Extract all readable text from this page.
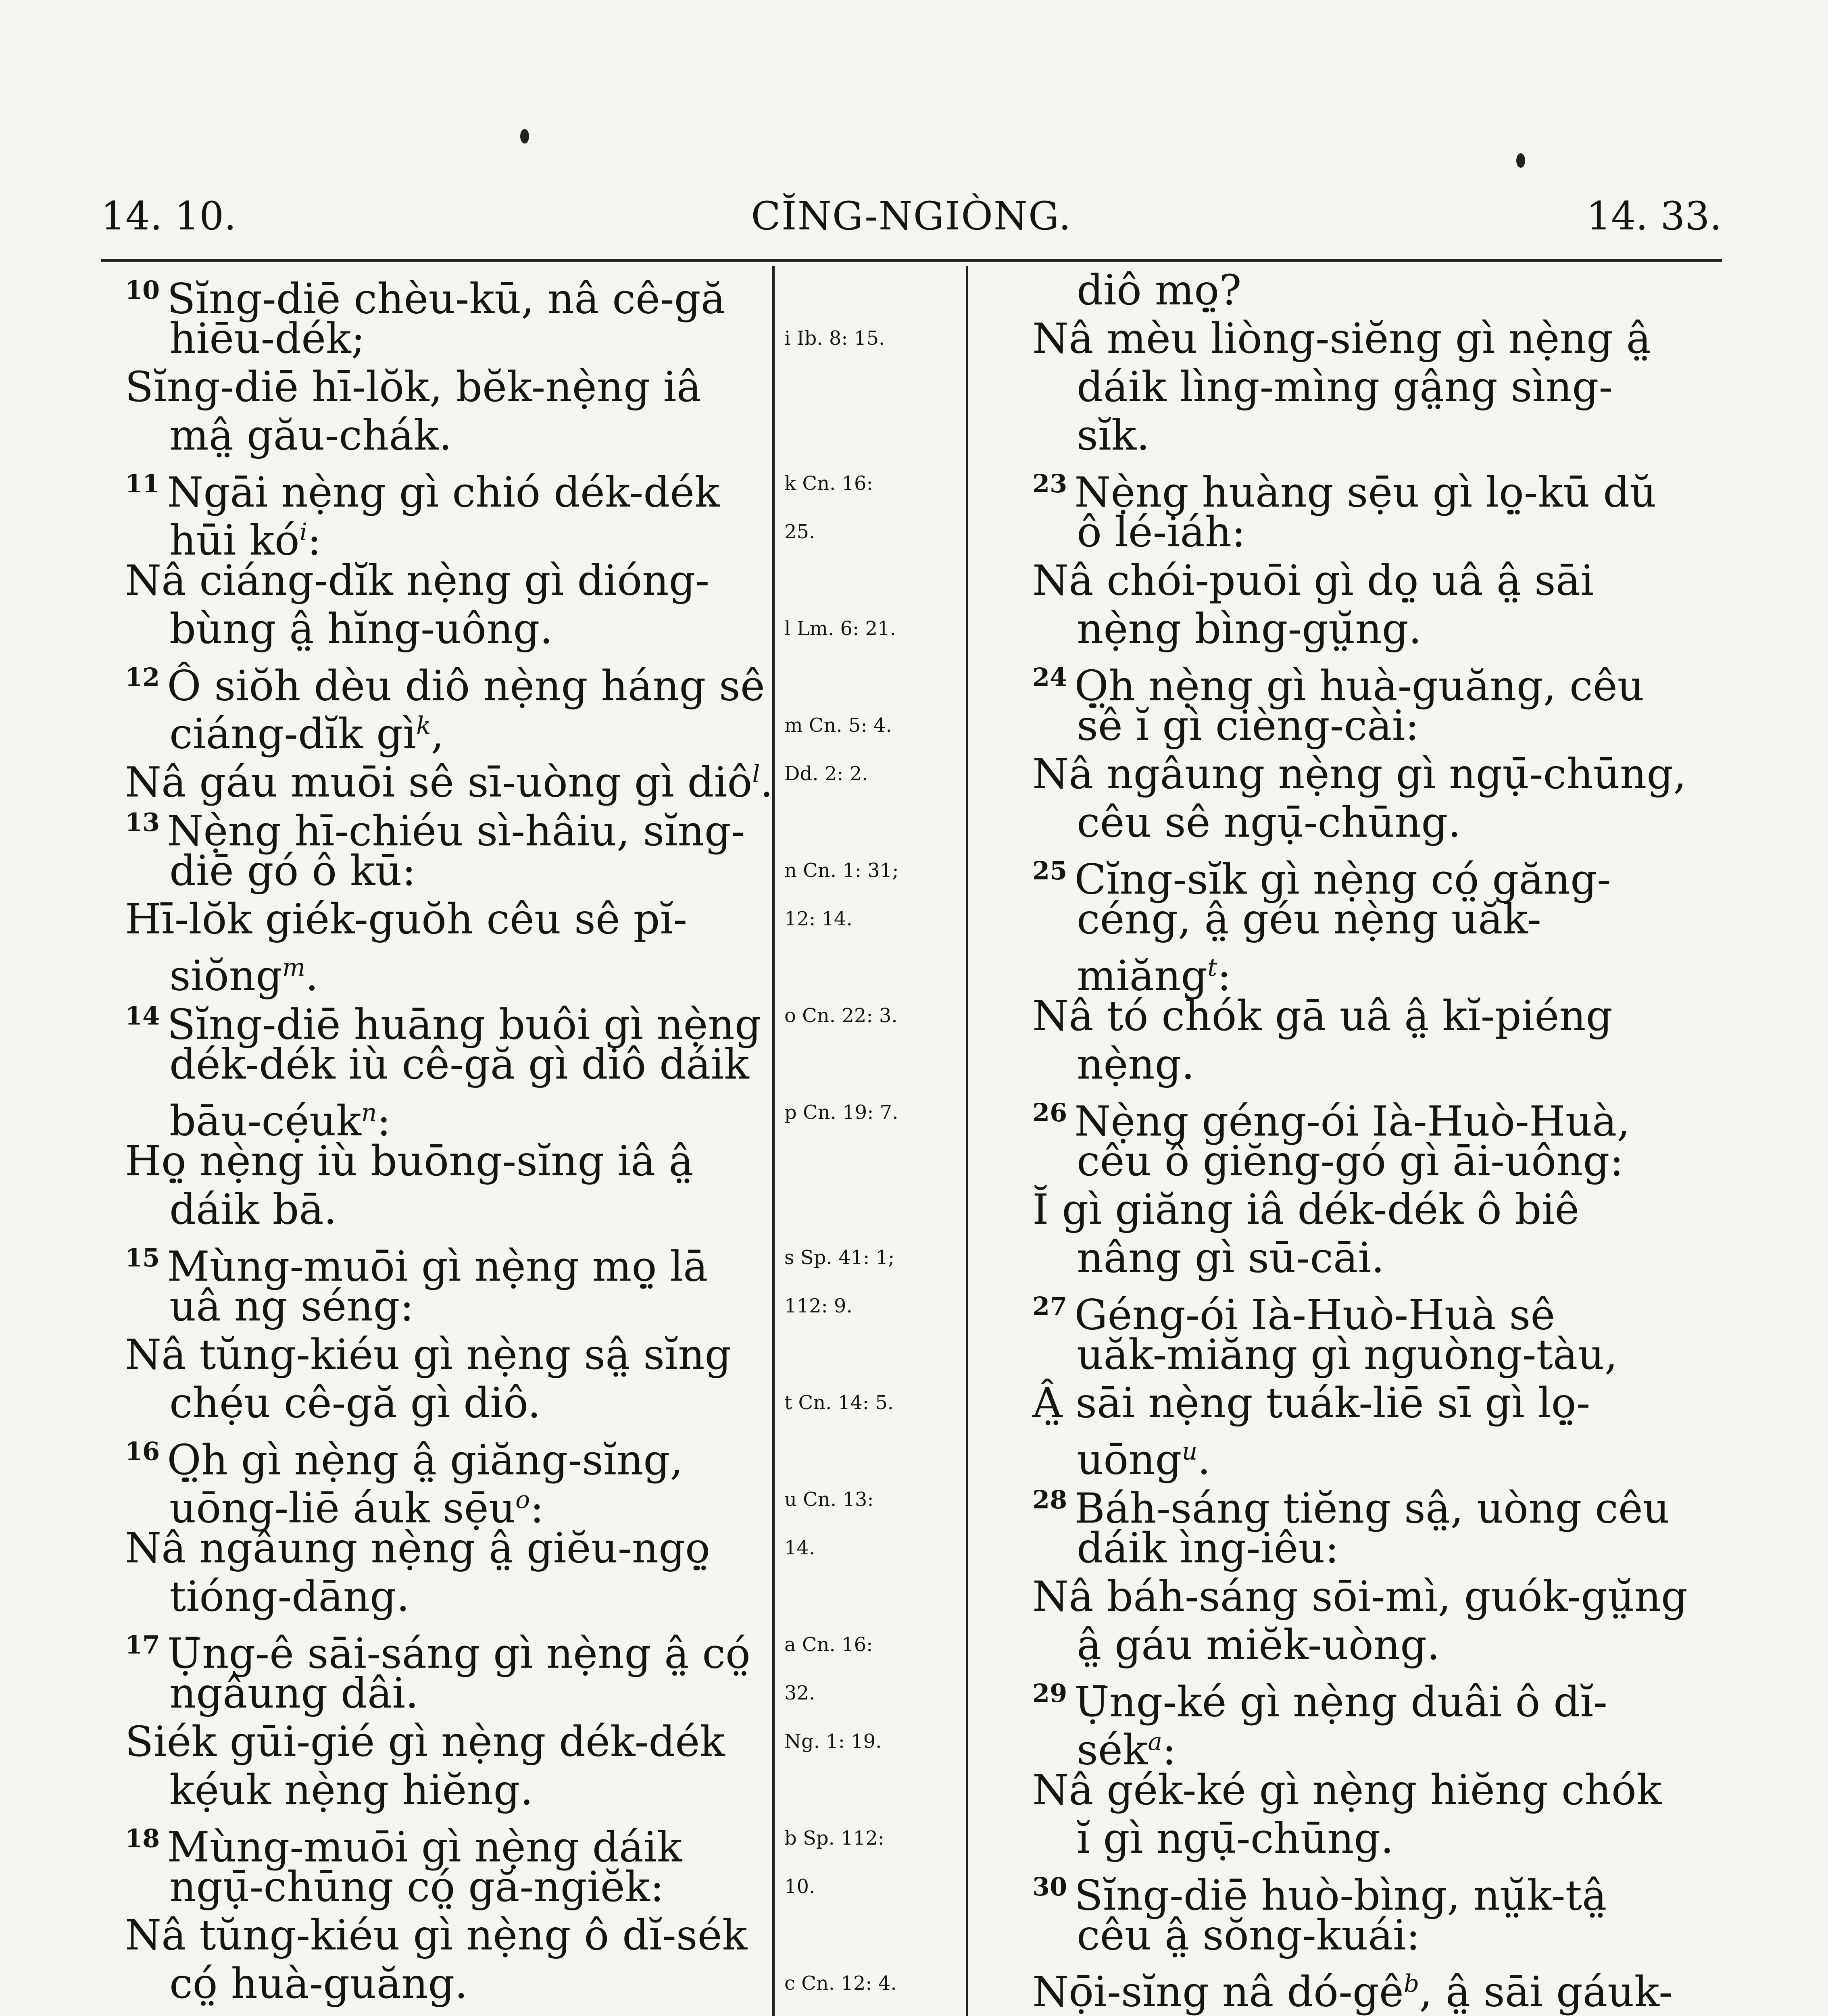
14. 10.	CĬNG-NGIÒNG.	14. 33.
$^{10}$ Sĭng-diē chèu-kū, nâ cê-gă
hiēu-dék;
Sĭng-diē hī-lŏk, bĕk-nẹ̀ng iâ
mâ̤ gău-chák.
$^{11}$ Ngāi nẹ̀ng gì chió dék-dék
hūi kó$^i$:
Nâ ciáng-dĭk nẹ̀ng gì dióng-
bùng â̤ hĭng-uông.
$^{12}$ Ô siŏh dèu diô nẹ̀ng háng sê
ciáng-dĭk gì$^k$,
Nâ gáu muōi sê sī-uòng gì diô$^l$.
$^{13}$ Nẹ̀ng hī-chiéu sì-hâiu, sĭng-
diē gó ô kū:
Hī-lŏk giék-guŏh cêu sê pĭ-
siŏng$^m$.
$^{14}$ Sĭng-diē huāng buôi gì nẹ̀ng
dék-dék iù cê-gă gì diô dáik
bāu-cẹ́uk$^n$:
Họ̤ nẹ̀ng iù buōng-sĭng iâ â̤
dáik bā.
$^{15}$ Mùng-muōi gì nẹ̀ng mọ̤ lā
uâ ng séng:
Nâ tŭng-kiéu gì nẹ̀ng sâ̤ sĭng
chẹ́u cê-gă gì diô.
$^{16}$ Ọ̤h gì nẹ̀ng â̤ giăng-sĭng,
uōng-liē áuk sẹ̄u$^o$:
Nâ ngâung nẹ̀ng â̤ giĕu-ngọ̤
tióng-dāng.
$^{17}$ Ụ̄ng-ê sāi-sáng gì nẹ̀ng â̤ có̤
ngâung dâi.
Siék gūi-gié gì nẹ̀ng dék-dék
kẹ́uk nẹ̀ng hiĕng.
$^{18}$ Mùng-muōi gì nẹ̀ng dáik
ngụ̄-chūng có̤ gă-ngiĕk:
Nâ tŭng-kiéu gì nẹ̀ng ô dĭ-sék
có̤ huà-guăng.
i Ib. 8: 15.
k Cn. 16:
25.
l Lm. 6: 21.
m Cn. 5: 4.
Dd. 2: 2.
n Cn. 1: 31;
12: 14.
o Cn. 22: 3.
p Cn. 19: 7.
s Sp. 41: 1;
112: 9.
t Cn. 14: 5.
u Cn. 13:
14.
a Cn. 16:
32.
Ng. 1: 19.
b Sp. 112:
10.
c Cn. 12: 4.
diô mọ̤?
Nâ mèu liòng-siĕng gì nẹ̀ng â̤
dáik lìng-mìng gâ̤ng sìng-
sĭk.
$^{23}$ Nẹ̀ng huàng sẹ̄u gì lọ̤-kū dŭ
ô lé-iáh:
Nâ chói-puōi gì dọ̤ uâ â̤ sāi
nẹ̀ng bìng-gṳ̆ng.
$^{24}$ Ọ̤h nẹ̀ng gì huà-guăng, cêu
sê ĭ gì cièng-cài:
Nâ ngâung nẹ̀ng gì ngụ̄-chūng,
cêu sê ngụ̄-chūng.
$^{25}$ Cĭng-sĭk gì nẹ̀ng có̤ găng-
céng, â̤ géu nẹ̀ng uăk-
miăng$^t$:
Nâ tó chók gā uâ â̤ kĭ-piéng
nẹ̀ng.
$^{26}$ Nẹ̀ng géng-ói Ià-Huò-Huà,
cêu ô giĕng-gó gì āi-uông:
Ĭ gì giăng iâ dék-dék ô biê
nâng gì sū-cāi.
$^{27}$ Géng-ói Ià-Huò-Huà sê
uăk-miăng gì nguòng-tàu,
Â̤ sāi nẹ̀ng tuák-liē sī gì lọ̤-
uōng$^u$.
$^{28}$ Báh-sáng tiĕng sâ̤, uòng cêu
dáik ìng-iêu:
Nâ báh-sáng sōi-mì, guók-gṳ̆ng
â̤ gáu miĕk-uòng.
$^{29}$ Ụ̄ng-ké gì nẹ̀ng duâi ô dĭ-
sék$^a$:
Nâ gék-ké gì nẹ̀ng hiĕng chók
ĭ gì ngụ̄-chūng.
$^{30}$ Sĭng-diē huò-bìng, nṳ̆k-tâ̤
cêu â̤ sŏng-kuái:
Nọ̄i-sĭng nâ dó-gê$^b$, â̤ sāi gáuk-
